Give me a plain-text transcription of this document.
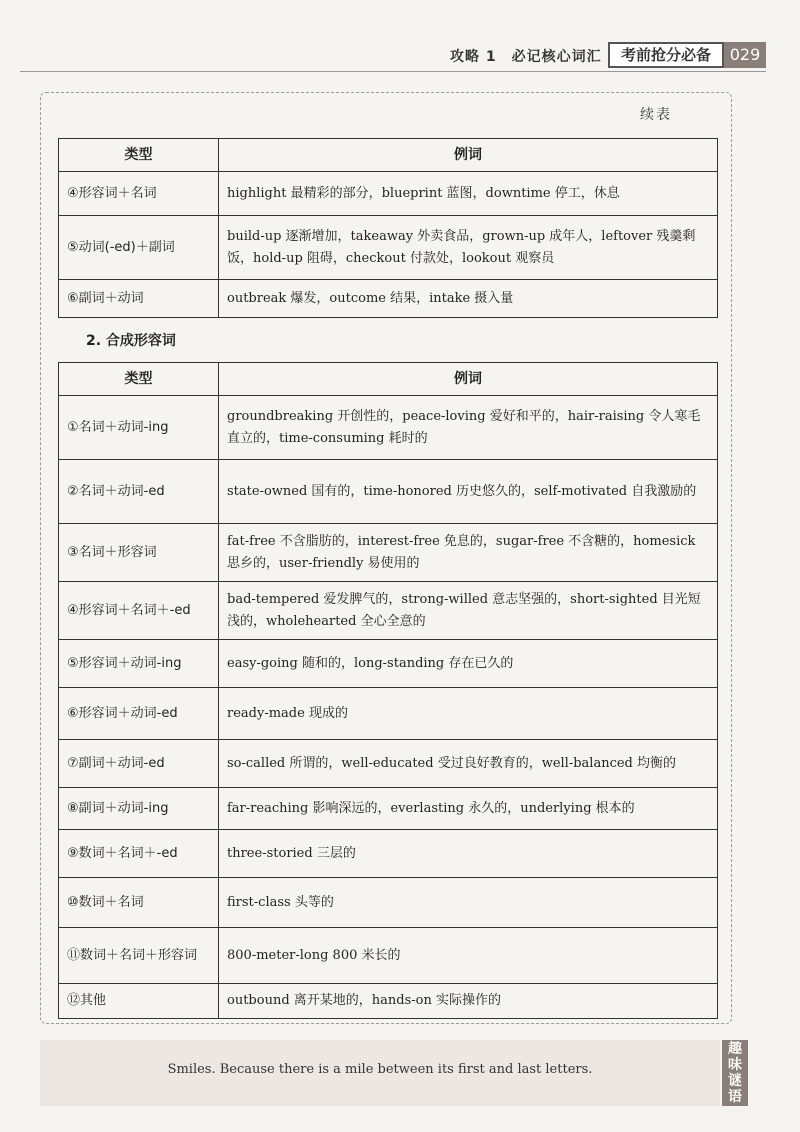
攻略 1　必记核心词汇	考前抢分必备	029
续表
类型	例词
④形容词＋名词	highlight 最精彩的部分，blueprint 蓝图，downtime 停工，休息
⑤动词(-ed)＋副词	build-up 逐渐增加，takeaway 外卖食品，grown-up 成年人，leftover 残羹剩饭，hold-up 阻碍，checkout 付款处，lookout 观察员
⑥副词＋动词	outbreak 爆发，outcome 结果，intake 摄入量
2. 合成形容词
类型	例词
①名词＋动词-ing	groundbreaking 开创性的，peace-loving 爱好和平的，hair-raising 令人寒毛直立的，time-consuming 耗时的
②名词＋动词-ed	state-owned 国有的，time-honored 历史悠久的，self-motivated 自我激励的
③名词＋形容词	fat-free 不含脂肪的，interest-free 免息的，sugar-free 不含糖的，homesick 思乡的，user-friendly 易使用的
④形容词＋名词＋-ed	bad-tempered 爱发脾气的，strong-willed 意志坚强的，short-sighted 目光短浅的，wholehearted 全心全意的
⑤形容词＋动词-ing	easy-going 随和的，long-standing 存在已久的
⑥形容词＋动词-ed	ready-made 现成的
⑦副词＋动词-ed	so-called 所谓的，well-educated 受过良好教育的，well-balanced 均衡的
⑧副词＋动词-ing	far-reaching 影响深远的，everlasting 永久的，underlying 根本的
⑨数词＋名词＋-ed	three-storied 三层的
⑩数词＋名词	first-class 头等的
⑪数词＋名词＋形容词	800-meter-long 800 米长的
⑫其他	outbound 离开某地的，hands-on 实际操作的
Smiles. Because there is a mile between its first and last letters.
趣味谜语
